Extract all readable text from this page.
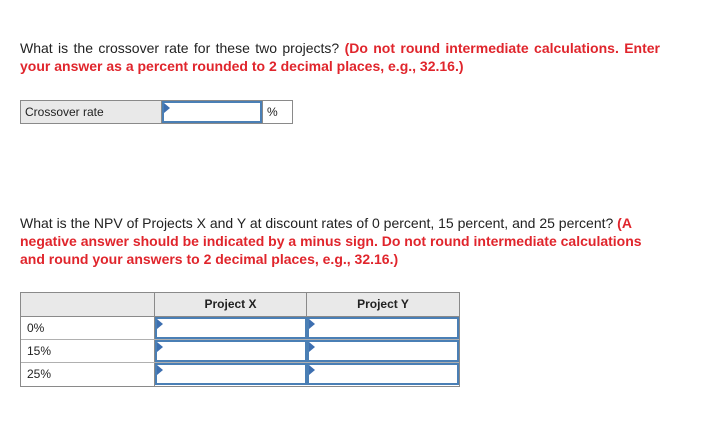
What is the crossover rate for these two projects? (Do not round intermediate calculations. Enter your answer as a percent rounded to 2 decimal places, e.g., 32.16.)

Crossover rate	%

What is the NPV of Projects X and Y at discount rates of 0 percent, 15 percent, and 25 percent? (A negative answer should be indicated by a minus sign. Do not round intermediate calculations and round your answers to 2 decimal places, e.g., 32.16.)

Project X	Project Y
0%
15%
25%
